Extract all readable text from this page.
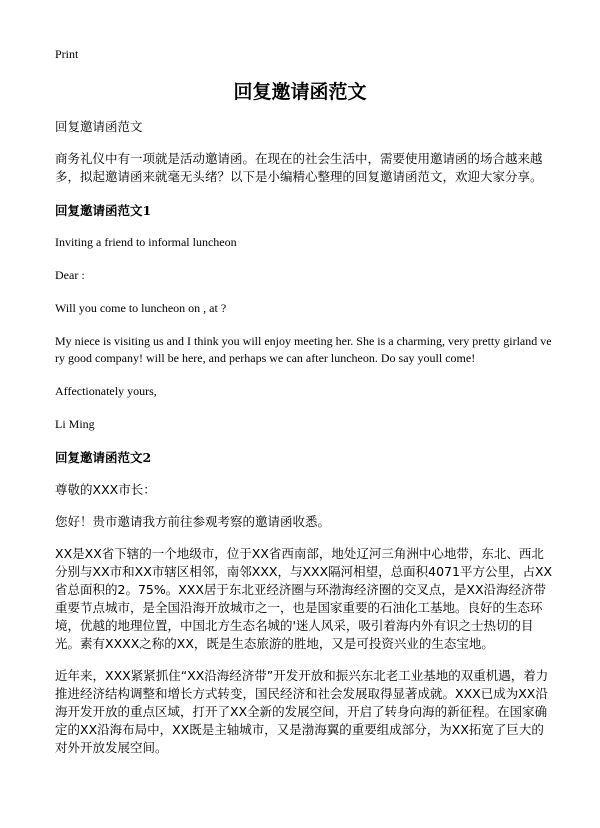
Print
回复邀请函范文

回复邀请函范文

商务礼仪中有一项就是活动邀请函。在现在的社会生活中，需要使用邀请函的场合越来越多，拟起邀请函来就毫无头绪？以下是小编精心整理的回复邀请函范文，欢迎大家分享。

回复邀请函范文1

Inviting a friend to informal luncheon

Dear :

Will you come to luncheon on , at ?

My niece is visiting us and I think you will enjoy meeting her. She is a charming, very pretty girland very good company! will be here, and perhaps we can after luncheon. Do say youll come!

Affectionately yours,

Li Ming

回复邀请函范文2

尊敬的XXX市长：

您好！贵市邀请我方前往参观考察的邀请函收悉。

XX是XX省下辖的一个地级市，位于XX省西南部，地处辽河三角洲中心地带，东北、西北分别与XX市和XX市辖区相邻，南邻XXX，与XXX隔河相望，总面积4071平方公里，占XX省总面积的2。75%。XXX居于东北亚经济圈与环渤海经济圈的交叉点，是XX沿海经济带重要节点城市，是全国沿海开放城市之一，也是国家重要的石油化工基地。良好的生态环境，优越的地理位置，中国北方生态名城的'迷人风采，吸引着海内外有识之士热切的目光。素有XXXX之称的XX，既是生态旅游的胜地，又是可投资兴业的生态宝地。

近年来，XXX紧紧抓住“XX沿海经济带”开发开放和振兴东北老工业基地的双重机遇，着力推进经济结构调整和增长方式转变，国民经济和社会发展取得显著成就。XXX已成为XX沿海开发开放的重点区域，打开了XX全新的发展空间，开启了转身向海的新征程。在国家确定的XX沿海布局中，XX既是主轴城市，又是渤海翼的重要组成部分，为XX拓宽了巨大的对外开放发展空间。
